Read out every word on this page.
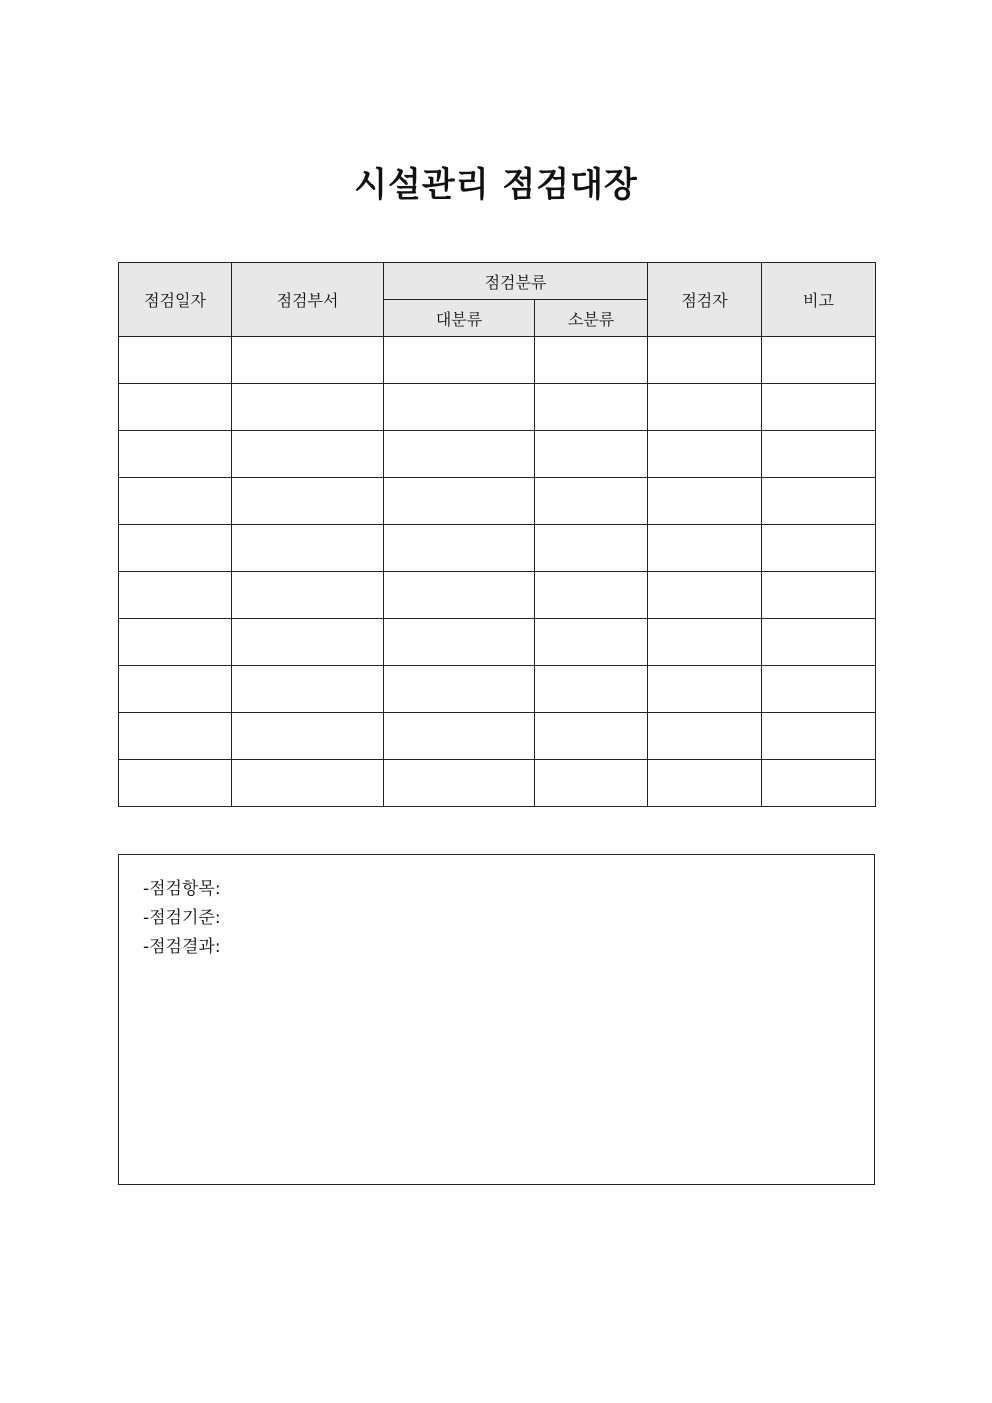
시설관리 점검대장
점검일자	점검부서	점검분류		점검자	비고
		대분류	소분류		

-점검항목:
-점검기준:
-점검결과:
